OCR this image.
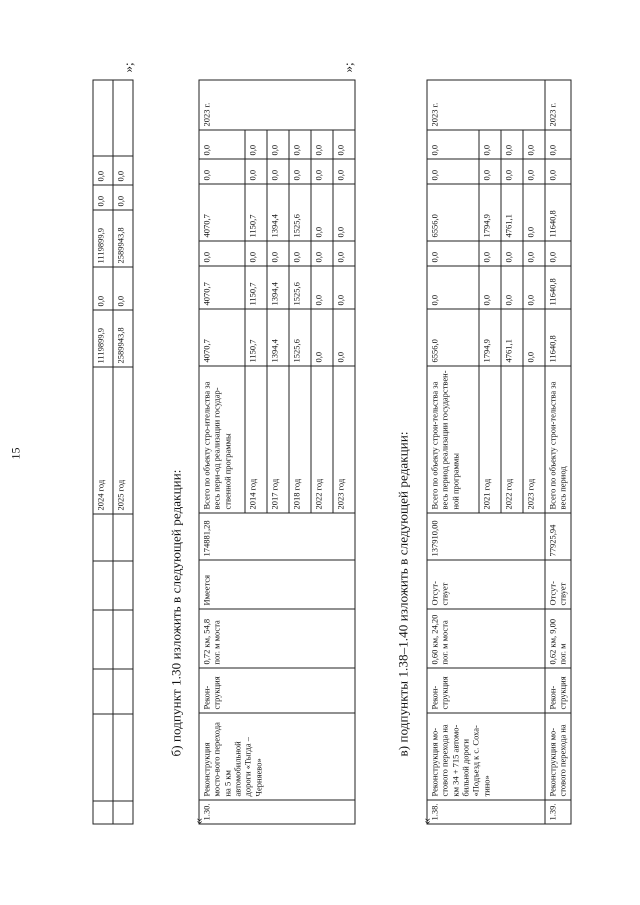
15
						2024 год	1119899,9	0,0	1119899,9	0,0	0,0	
						2025 год	2589943,8	0,0	2589943,8	0,0	0,0	
»;
б) подпункт 1.30 изложить в следующей редакции:
«
1.30.	Реконструкция мосто-вого перехода на 5 км автомобильной дороги «Тыгда – Черняево»	Рекон-струкция	0,72 км, 54,8 пог. м моста	Имеется	174881,28	Всего по объекту стро-ительства за весь пери-од реализации государ-ственной программы	4070,7	4070,7	0,0	4070,7	0,0	0,0	2023 г.
						2014 год	1150,7	1150,7	0,0	1150,7	0,0	0,0	
						2017 год	1394,4	1394,4	0,0	1394,4	0,0	0,0	
						2018 год	1525,6	1525,6	0,0	1525,6	0,0	0,0	
						2022 год	0,0	0,0	0,0	0,0	0,0	0,0	
						2023 год	0,0	0,0	0,0	0,0	0,0	0,0	
»;
в) подпункты 1.38–1.40 изложить в следующей редакции:
«
1.38.	Реконструкция мо-стового перехода на км 34 + 715 автомо-бильной дороги «Подъезд к с. Соха-тино»	Рекон-струкция	0,60 км, 24,20 пог. м моста	Отсут-ствует	137910,00	Всего по объекту строи-тельства за весь период реализации государствен-ной программы	6556,0	0,0	0,0	6556,0	0,0	0,0	2023 г.
						2021 год	1794,9	0,0	0,0	1794,9	0,0	0,0	
						2022 год	4761,1	0,0	0,0	4761,1	0,0	0,0	
						2023 год	0,0	0,0	0,0	0,0	0,0	0,0	
1.39.	Реконструкция мо-стового перехода на	Рекон-струкция	0,62 км, 9,00 пог. м	Отсут-ствует	77925,94	Всего по объекту строи-тельства за весь период	11640,8	11640,8	0,0	11640,8	0,0	0,0	2023 г.
